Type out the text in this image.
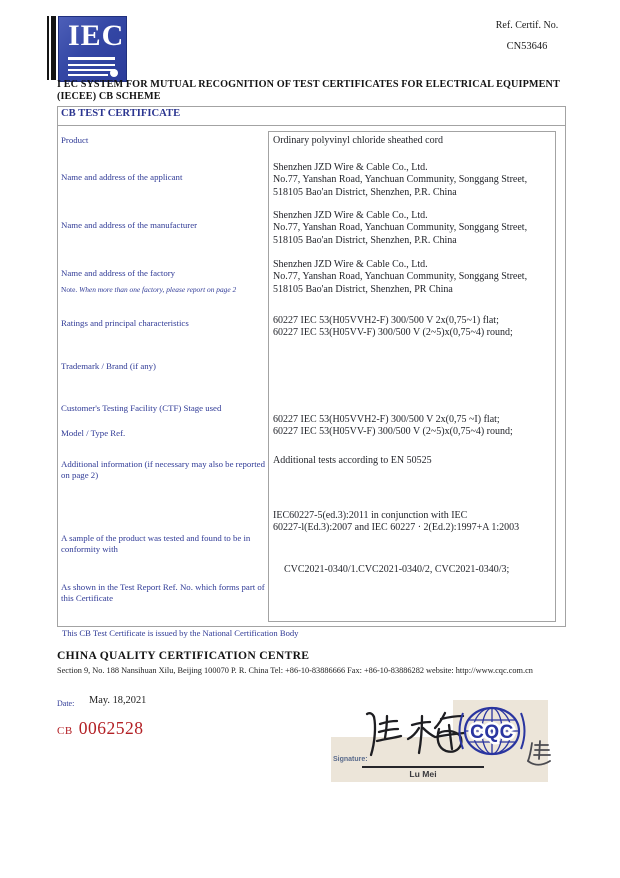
IEC	Ref. Certif. No.
CN53646
I EC SYSTEM FOR MUTUAL RECOGNITION OF TEST CERTIFICATES FOR ELECTRICAL EQUIPMENT
(IECEE) CB SCHEME
CB TEST CERTIFICATE
Product
Name and address of the applicant
Name and address of the manufacturer
Name and address of the factory
Note. When more than one factory, please report on page 2
Ratings and principal characteristics
Trademark / Brand (if any)
Customer's Testing Facility (CTF) Stage used
Model / Type Ref.
Additional information (if necessary may also be reported on page 2)
A sample of the product was tested and found to be in conformity with
As shown in the Test Report Ref. No. which forms part of this Certificate
Ordinary polyvinyl chloride sheathed cord
Shenzhen JZD Wire & Cable Co., Ltd.
No.77, Yanshan Road, Yanchuan Community, Songgang Street,
518105 Bao'an District, Shenzhen, P.R. China
Shenzhen JZD Wire & Cable Co., Ltd.
No.77, Yanshan Road, Yanchuan Community, Songgang Street,
518105 Bao'an District, Shenzhen, P.R. China
Shenzhen JZD Wire & Cable Co., Ltd.
No.77, Yanshan Road, Yanchuan Community, Songgang Street,
518105 Bao'an District, Shenzhen, PR China
60227 IEC 53(H05VVH2-F) 300/500 V 2x(0,75~1) flat;
60227 IEC 53(H05VV-F) 300/500 V (2~5)x(0,75~4) round;
60227 IEC 53(H05VVH2-F) 300/500 V 2x(0,75 ~I) flat;
60227 IEC 53(H05VV-F) 300/500 V (2~5)x(0,75~4) round;
Additional tests according to EN 50525
IEC60227-5(ed.3):2011 in conjunction with IEC
60227-l(Ed.3):2007 and IEC 60227 · 2(Ed.2):1997+A 1:2003
CVC2021-0340/1.CVC2021-0340/2, CVC2021-0340/3;
This CB Test Certificate is issued by the National Certification Body
CHINA QUALITY CERTIFICATION CENTRE
Section 9, No. 188 Nansihuan Xilu, Beijing 100070 P. R. China Tel: +86-10-83886666 Fax: +86-10-83886282 website: http://www.cqc.com.cn
Date: May. 18,2021
CB 0062528
Signature:
Lu Mei
CQC
